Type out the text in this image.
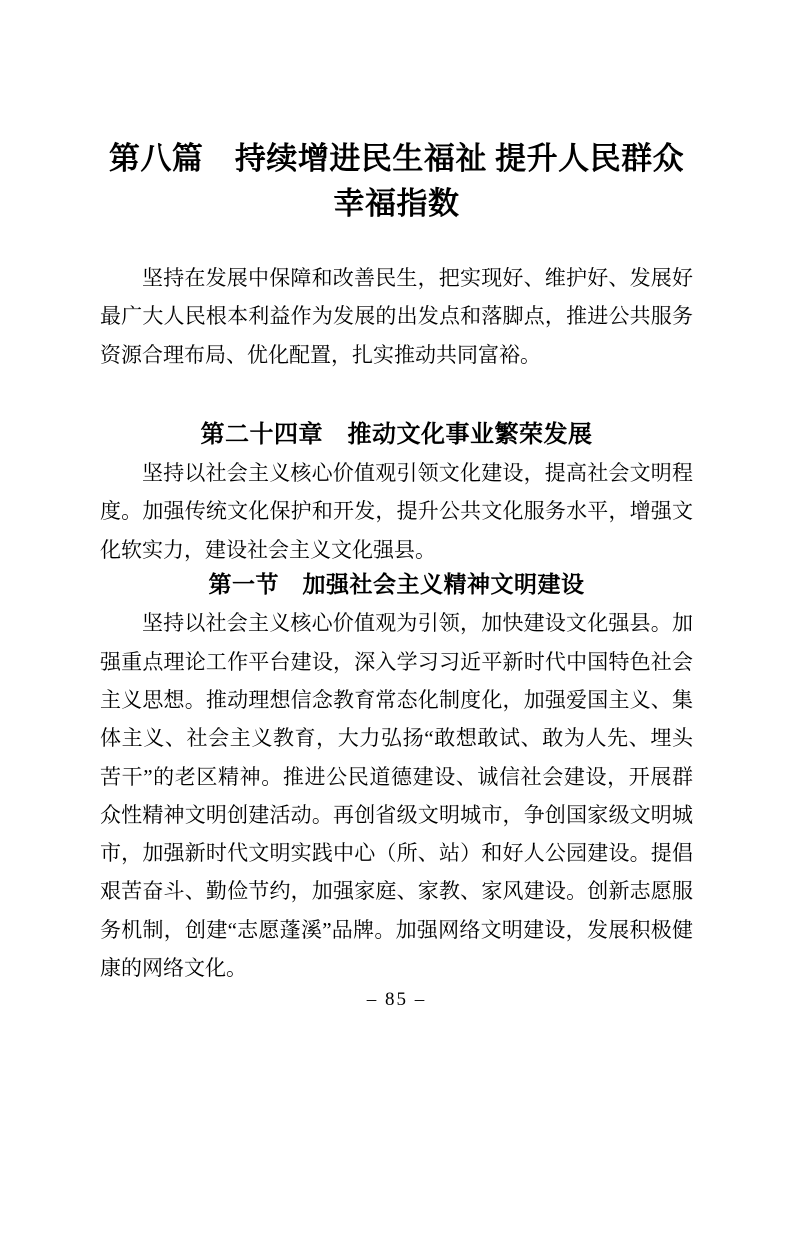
第八篇　持续增进民生福祉 提升人民群众幸福指数

坚持在发展中保障和改善民生，把实现好、维护好、发展好最广大人民根本利益作为发展的出发点和落脚点，推进公共服务资源合理布局、优化配置，扎实推动共同富裕。

第二十四章　推动文化事业繁荣发展

坚持以社会主义核心价值观引领文化建设，提高社会文明程度。加强传统文化保护和开发，提升公共文化服务水平，增强文化软实力，建设社会主义文化强县。

第一节　加强社会主义精神文明建设

坚持以社会主义核心价值观为引领，加快建设文化强县。加强重点理论工作平台建设，深入学习习近平新时代中国特色社会主义思想。推动理想信念教育常态化制度化，加强爱国主义、集体主义、社会主义教育，大力弘扬“敢想敢试、敢为人先、埋头苦干”的老区精神。推进公民道德建设、诚信社会建设，开展群众性精神文明创建活动。再创省级文明城市，争创国家级文明城市，加强新时代文明实践中心（所、站）和好人公园建设。提倡艰苦奋斗、勤俭节约，加强家庭、家教、家风建设。创新志愿服务机制，创建“志愿蓬溪”品牌。加强网络文明建设，发展积极健康的网络文化。

– 85 –
